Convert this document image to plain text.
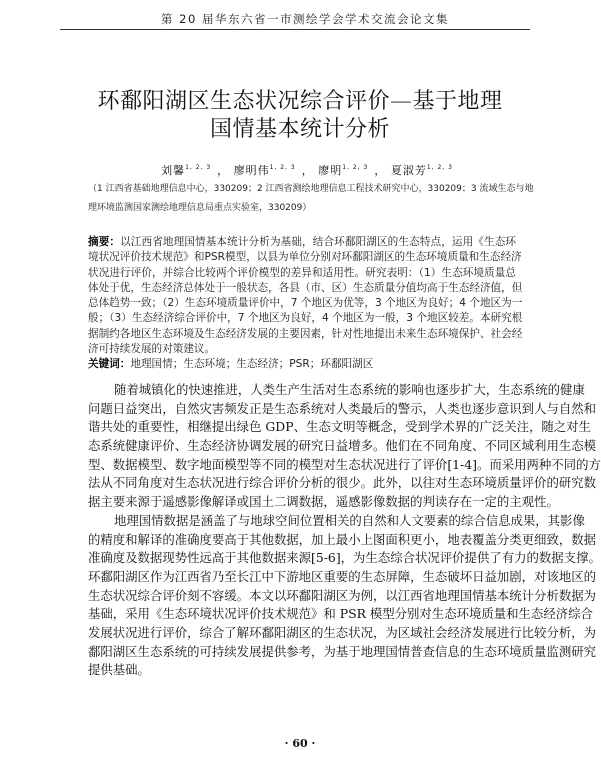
第 20 届华东六省一市测绘学会学术交流会论文集
环鄱阳湖区生态状况综合评价—基于地理
国情基本统计分析
刘馨$^{1, 2, 3}$ ， 廖明伟$^{1, 2, 3}$ ， 廖明$^{1, 2, 3}$ ， 夏淑芳$^{1, 2, 3}$
（1 江西省基础地理信息中心，330209；2 江西省测绘地理信息工程技术研究中心，330209；3 流域生态与地
理环境监测国家测绘地理信息局重点实验室，330209）
摘要：以江西省地理国情基本统计分析为基础，结合环鄱阳湖区的生态特点，运用《生态环
境状况评价技术规范》和PSR模型，以县为单位分别对环鄱阳湖区的生态环境质量和生态经济
状况进行评价，并综合比较两个评价模型的差异和适用性。研究表明：（1）生态环境质量总
体处于优，生态经济总体处于一般状态，各县（市、区）生态质量分值均高于生态经济值，但
总体趋势一致；（2）生态环境质量评价中，7 个地区为优等，3 个地区为良好；4 个地区为一
般；（3）生态经济综合评价中，7 个地区为良好，4 个地区为一般，3 个地区较差。本研究根
据制约各地区生态环境及生态经济发展的主要因素，针对性地提出未来生态环境保护、社会经
济可持续发展的对策建议。
关键词：地理国情；生态环境；生态经济；PSR；环鄱阳湖区
随着城镇化的快速推进，人类生产生活对生态系统的影响也逐步扩大，生态系统的健康
问题日益突出，自然灾害频发正是生态系统对人类最后的警示，人类也逐步意识到人与自然和
谐共处的重要性，相继提出绿色 GDP、生态文明等概念，受到学术界的广泛关注，随之对生
态系统健康评价、生态经济协调发展的研究日益增多。他们在不同角度、不同区域利用生态模
型、数据模型、数字地面模型等不同的模型对生态状况进行了评价[1-4]。而采用两种不同的方
法从不同角度对生态状况进行综合评价分析的很少。此外，以往对生态环境质量评价的研究数
据主要来源于遥感影像解译或国土二调数据，遥感影像数据的判读存在一定的主观性。
地理国情数据是涵盖了与地球空间位置相关的自然和人文要素的综合信息成果，其影像
的精度和解译的准确度要高于其他数据，加上最小上图面积更小，地表覆盖分类更细致，数据
准确度及数据现势性远高于其他数据来源[5-6]，为生态综合状况评价提供了有力的数据支撑。
环鄱阳湖区作为江西省乃至长江中下游地区重要的生态屏障，生态破坏日益加剧，对该地区的
生态状况综合评价刻不容缓。本文以环鄱阳湖区为例，以江西省地理国情基本统计分析数据为
基础，采用《生态环境状况评价技术规范》和 PSR 模型分别对生态环境质量和生态经济综合
发展状况进行评价，综合了解环鄱阳湖区的生态状况，为区域社会经济发展进行比较分析，为
鄱阳湖区生态系统的可持续发展提供参考，为基于地理国情普查信息的生态环境质量监测研究
提供基础。
· 60 ·
